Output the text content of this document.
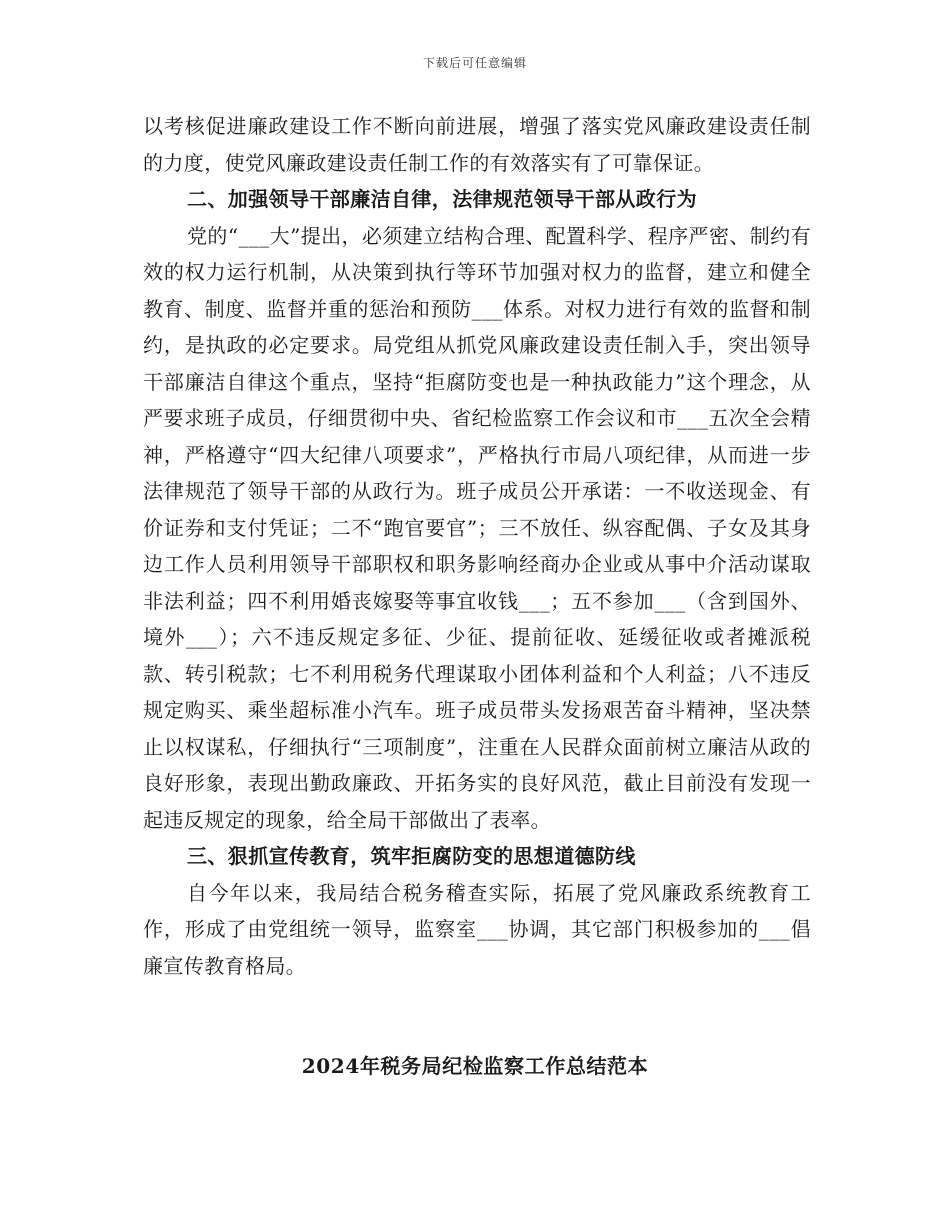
下载后可任意编辑

以考核促进廉政建设工作不断向前进展，增强了落实党风廉政建设责任制的力度，使党风廉政建设责任制工作的有效落实有了可靠保证。

二、加强领导干部廉洁自律，法律规范领导干部从政行为

党的“___大”提出，必须建立结构合理、配置科学、程序严密、制约有效的权力运行机制，从决策到执行等环节加强对权力的监督，建立和健全教育、制度、监督并重的惩治和预防___体系。对权力进行有效的监督和制约，是执政的必定要求。局党组从抓党风廉政建设责任制入手，突出领导干部廉洁自律这个重点，坚持“拒腐防变也是一种执政能力”这个理念，从严要求班子成员，仔细贯彻中央、省纪检监察工作会议和市___五次全会精神，严格遵守“四大纪律八项要求”，严格执行市局八项纪律，从而进一步法律规范了领导干部的从政行为。班子成员公开承诺：一不收送现金、有价证券和支付凭证；二不“跑官要官”；三不放任、纵容配偶、子女及其身边工作人员利用领导干部职权和职务影响经商办企业或从事中介活动谋取非法利益；四不利用婚丧嫁娶等事宜收钱___；五不参加___（含到国外、境外___）；六不违反规定多征、少征、提前征收、延缓征收或者摊派税款、转引税款；七不利用税务代理谋取小团体利益和个人利益；八不违反规定购买、乘坐超标准小汽车。班子成员带头发扬艰苦奋斗精神，坚决禁止以权谋私，仔细执行“三项制度”，注重在人民群众面前树立廉洁从政的良好形象，表现出勤政廉政、开拓务实的良好风范，截止目前没有发现一起违反规定的现象，给全局干部做出了表率。

三、狠抓宣传教育，筑牢拒腐防变的思想道德防线

自今年以来，我局结合税务稽查实际，拓展了党风廉政系统教育工作，形成了由党组统一领导，监察室___协调，其它部门积极参加的___倡廉宣传教育格局。

2024年税务局纪检监察工作总结范本
